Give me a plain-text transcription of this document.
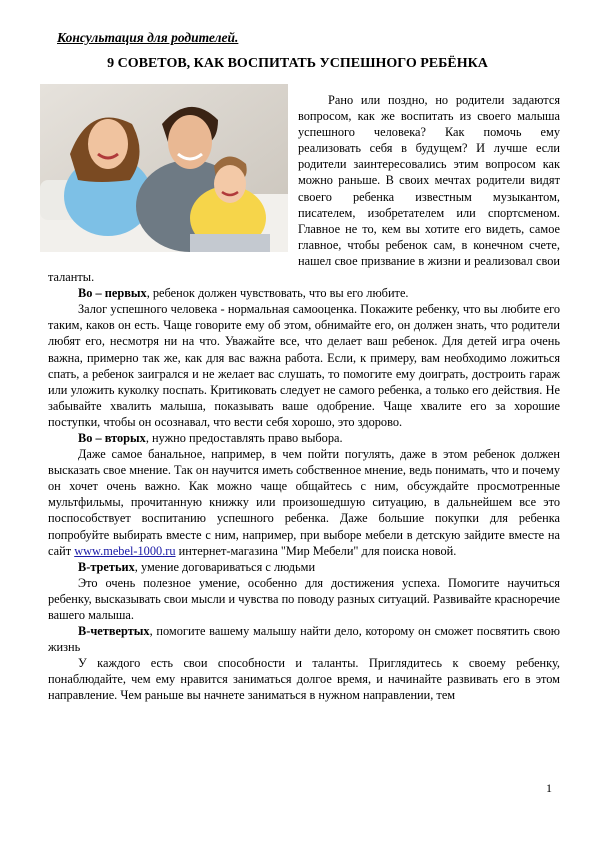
Консультация для родителей.
9 СОВЕТОВ, КАК ВОСПИТАТЬ УСПЕШНОГО РЕБЁНКА

Рано или поздно, но родители задаются вопросом, как же воспитать из своего малыша успешного человека? Как помочь ему реализовать себя в будущем? И лучше если родители заинтересовались этим вопросом как можно раньше. В своих мечтах родители видят своего ребенка известным музыкантом, писателем, изобретателем или спортсменом. Главное не то, кем вы хотите его видеть, самое главное, чтобы ребенок сам, в конечном счете, нашел свое призвание в жизни и реализовал свои таланты.

Во – первых, ребенок должен чувствовать, что вы его любите.

Залог успешного человека - нормальная самооценка. Покажите ребенку, что вы любите его таким, каков он есть. Чаще говорите ему об этом, обнимайте его, он должен знать, что родители любят его, несмотря ни на что. Уважайте все, что делает ваш ребенок. Для детей игра очень важна, примерно так же, как для вас важна работа. Если, к примеру, вам необходимо ложиться спать, а ребенок заигрался и не желает вас слушать, то помогите ему доиграть, достроить гараж или уложить куколку поспать. Критиковать следует не самого ребенка, а только его действия. Не забывайте хвалить малыша, показывать ваше одобрение. Чаще хвалите его за хорошие поступки, чтобы он осознавал, что вести себя хорошо, это здорово.

Во – вторых, нужно предоставлять право выбора.

Даже самое банальное, например, в чем пойти погулять, даже в этом ребенок должен высказать свое мнение. Так он научится иметь собственное мнение, ведь понимать, что и почему он хочет очень важно. Как можно чаще общайтесь с ним, обсуждайте просмотренные мультфильмы, прочитанную книжку или произошедшую ситуацию, в дальнейшем все это поспособствует воспитанию успешного ребенка. Даже большие покупки для ребенка попробуйте выбирать вместе с ним, например, при выборе мебели в детскую зайдите вместе на сайт www.mebel-1000.ru интернет-магазина "Мир Мебели" для поиска новой.

В-третьих, умение договариваться с людьми

Это очень полезное умение, особенно для достижения успеха. Помогите научиться ребенку, высказывать свои мысли и чувства по поводу разных ситуаций. Развивайте красноречие вашего малыша.

В-четвертых, помогите вашему малышу найти дело, которому он сможет посвятить свою жизнь

У каждого есть свои способности и таланты. Приглядитесь к своему ребенку, понаблюдайте, чем ему нравится заниматься долгое время, и начинайте развивать его в этом направление. Чем раньше вы начнете заниматься в нужном направлении, тем

1
